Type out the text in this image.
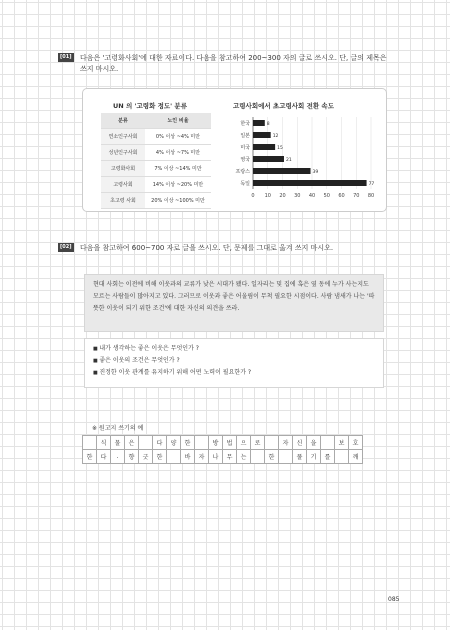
[01] 다음은 '고령화사회'에 대한 자료이다. 다음을 참고하여 200~300 자의 글로 쓰시오. 단, 글의 제목은 쓰지 마시오.
UN 의 '고령화 정도' 분류
분류	노인 비율
연소인구사회	0% 이상 ~4% 미만
성년인구사회	4% 이상 ~7% 미만
고령화사회	7% 이상 ~14% 미만
고령사회	14% 이상 ~20% 미만
초고령 사회	20% 이상 ~100% 미만
고령사회에서 초고령사회 전환 속도
0 10 20 30 40 50 60 70 80
한국	8
일본	12
미국	15
영국	21
프랑스	39
독일	77
[02] 다음을 참고하여 600~700 자로 글을 쓰시오. 단, 문제를 그대로 옮겨 쓰지 마시오.
현대 사회는 이전에 비해 이웃과의 교류가 낮은 시대가 됐다. 일자리는 및 집에 혹은 옆 동에 누가 사는지도 모르는 사람들이 많아지고 있다. 그러므로 이웃과 좋은 어울림이 무척 필요한 시점이다. 사람 냄새가 나는 '따뜻한 이웃이 되기 위한 조건'에 대한 자신의 의견을 쓰라.
■ 내가 생각하는 좋은 이웃은 무엇인가 ?
■ 좋은 이웃의 조건은 무엇인가 ?
■ 진정한 이웃 관계를 유지하기 위해 어떤 노력이 필요한가 ?
※ 원고지 쓰기의 예
	식	물	은		다	양	한		방	법	으	로		자	신	을		보	호
한	다	.	향	긋	한		바	자	나	무	는		한		풀	기	를		깨
085
